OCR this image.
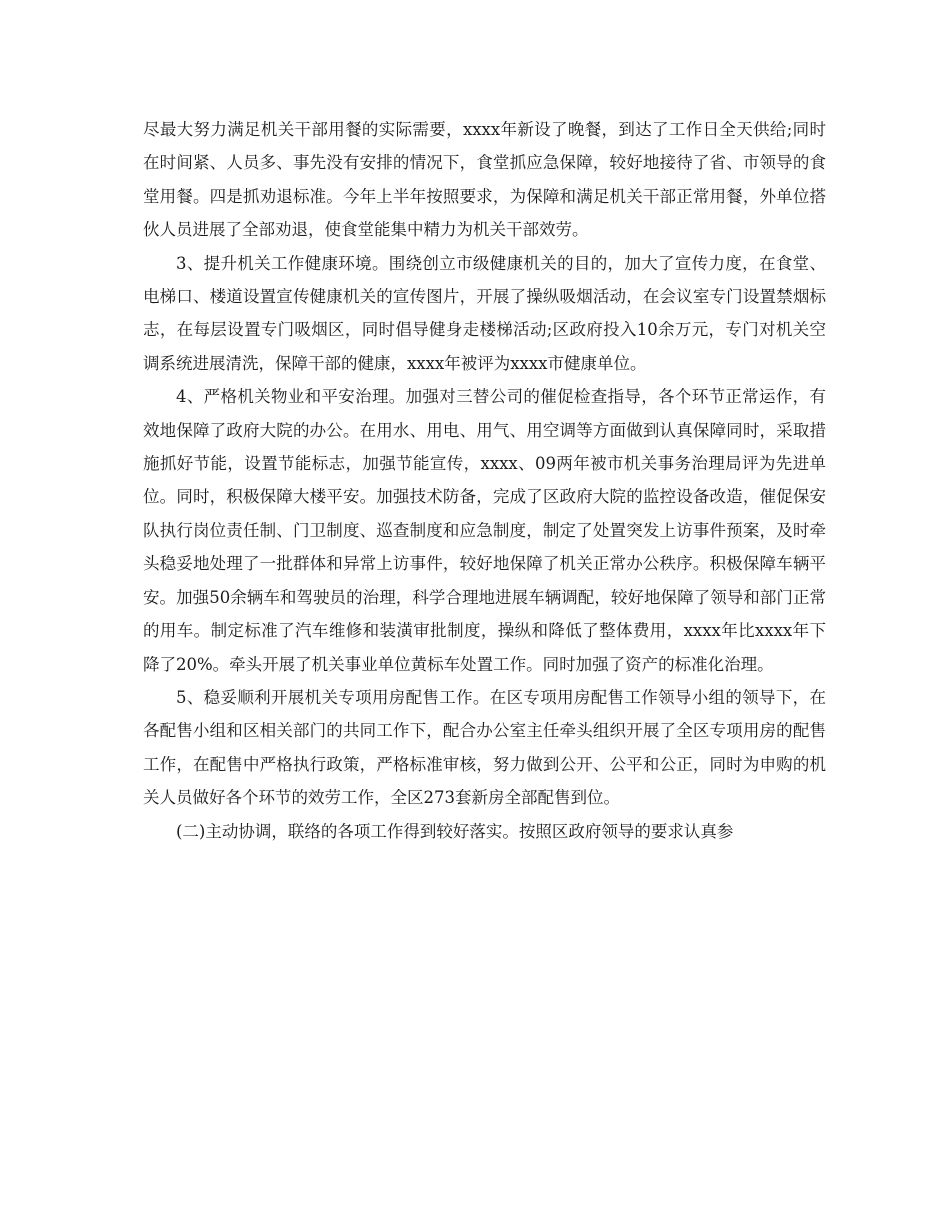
尽最大努力满足机关干部用餐的实际需要，xxxx年新设了晚餐，到达了工作日全天供给;同时在时间紧、人员多、事先没有安排的情况下，食堂抓应急保障，较好地接待了省、市领导的食堂用餐。四是抓劝退标准。今年上半年按照要求，为保障和满足机关干部正常用餐，外单位搭伙人员进展了全部劝退，使食堂能集中精力为机关干部效劳。

3、提升机关工作健康环境。围绕创立市级健康机关的目的，加大了宣传力度，在食堂、电梯口、楼道设置宣传健康机关的宣传图片，开展了操纵吸烟活动，在会议室专门设置禁烟标志，在每层设置专门吸烟区，同时倡导健身走楼梯活动;区政府投入10余万元，专门对机关空调系统进展清洗，保障干部的健康，xxxx年被评为xxxx市健康单位。

4、严格机关物业和平安治理。加强对三替公司的催促检查指导，各个环节正常运作，有效地保障了政府大院的办公。在用水、用电、用气、用空调等方面做到认真保障同时，采取措施抓好节能，设置节能标志，加强节能宣传，xxxx、09两年被市机关事务治理局评为先进单位。同时，积极保障大楼平安。加强技术防备，完成了区政府大院的监控设备改造，催促保安队执行岗位责任制、门卫制度、巡查制度和应急制度，制定了处置突发上访事件预案，及时牵头稳妥地处理了一批群体和异常上访事件，较好地保障了机关正常办公秩序。积极保障车辆平安。加强50余辆车和驾驶员的治理，科学合理地进展车辆调配，较好地保障了领导和部门正常的用车。制定标准了汽车维修和装潢审批制度，操纵和降低了整体费用，xxxx年比xxxx年下降了20%。牵头开展了机关事业单位黄标车处置工作。同时加强了资产的标准化治理。

5、稳妥顺利开展机关专项用房配售工作。在区专项用房配售工作领导小组的领导下，在各配售小组和区相关部门的共同工作下，配合办公室主任牵头组织开展了全区专项用房的配售工作，在配售中严格执行政策，严格标准审核，努力做到公开、公平和公正，同时为申购的机关人员做好各个环节的效劳工作，全区273套新房全部配售到位。

(二)主动协调，联络的各项工作得到较好落实。按照区政府领导的要求认真参
